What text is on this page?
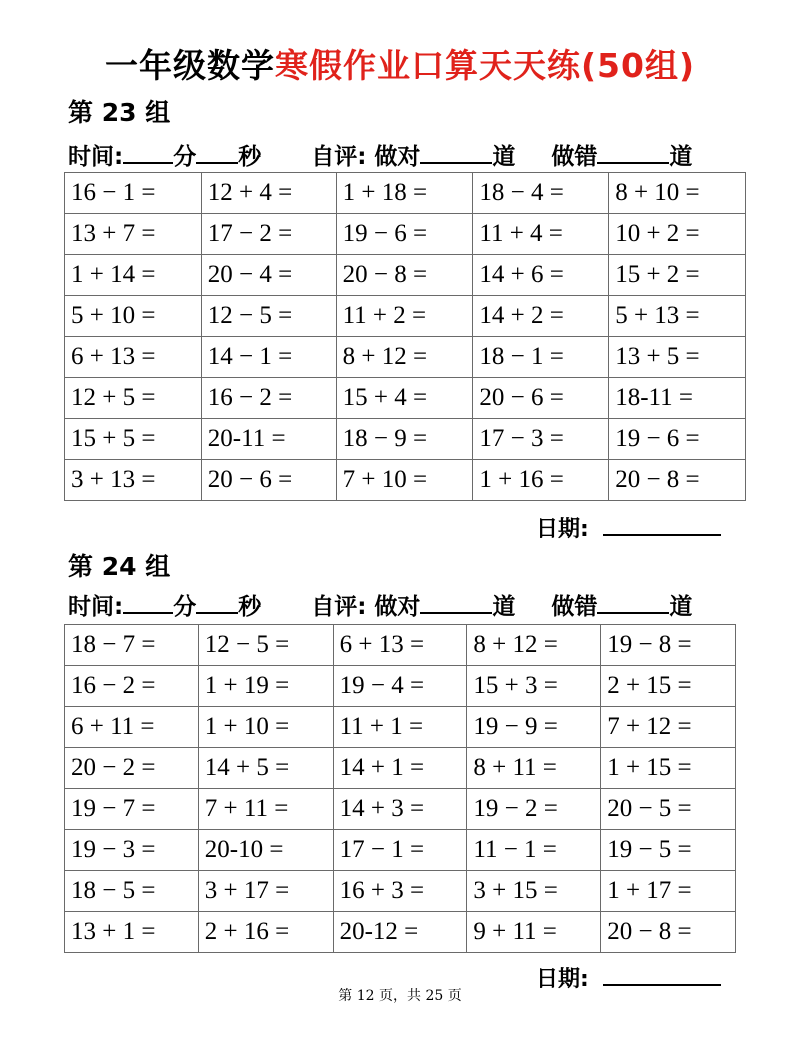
一年级数学寒假作业口算天天练(50组)
第 23 组
时间: 分 秒 自评: 做对	道 做错	道
16 − 1 =	12 + 4 =	1 + 18 =	18 − 4 =	8 + 10 =
13 + 7 =	17 − 2 =	19 − 6 =	11 + 4 =	10 + 2 =
1 + 14 =	20 − 4 =	20 − 8 =	14 + 6 =	15 + 2 =
5 + 10 =	12 − 5 =	11 + 2 =	14 + 2 =	5 + 13 =
6 + 13 =	14 − 1 =	8 + 12 =	18 − 1 =	13 + 5 =
12 + 5 =	16 − 2 =	15 + 4 =	20 − 6 =	18-11 =
15 + 5 =	20-11 =	18 − 9 =	17 − 3 =	19 − 6 =
3 + 13 =	20 − 6 =	7 + 10 =	1 + 16 =	20 − 8 =
日期:
第 24 组
时间: 分 秒 自评: 做对	道 做错	道
18 − 7 =	12 − 5 =	6 + 13 =	8 + 12 =	19 − 8 =
16 − 2 =	1 + 19 =	19 − 4 =	15 + 3 =	2 + 15 =
6 + 11 =	1 + 10 =	11 + 1 =	19 − 9 =	7 + 12 =
20 − 2 =	14 + 5 =	14 + 1 =	8 + 11 =	1 + 15 =
19 − 7 =	7 + 11 =	14 + 3 =	19 − 2 =	20 − 5 =
19 − 3 =	20-10 =	17 − 1 =	11 − 1 =	19 − 5 =
18 − 5 =	3 + 17 =	16 + 3 =	3 + 15 =	1 + 17 =
13 + 1 =	2 + 16 =	20-12 =	9 + 11 =	20 − 8 =
日期:
第 12 页，共 25 页
